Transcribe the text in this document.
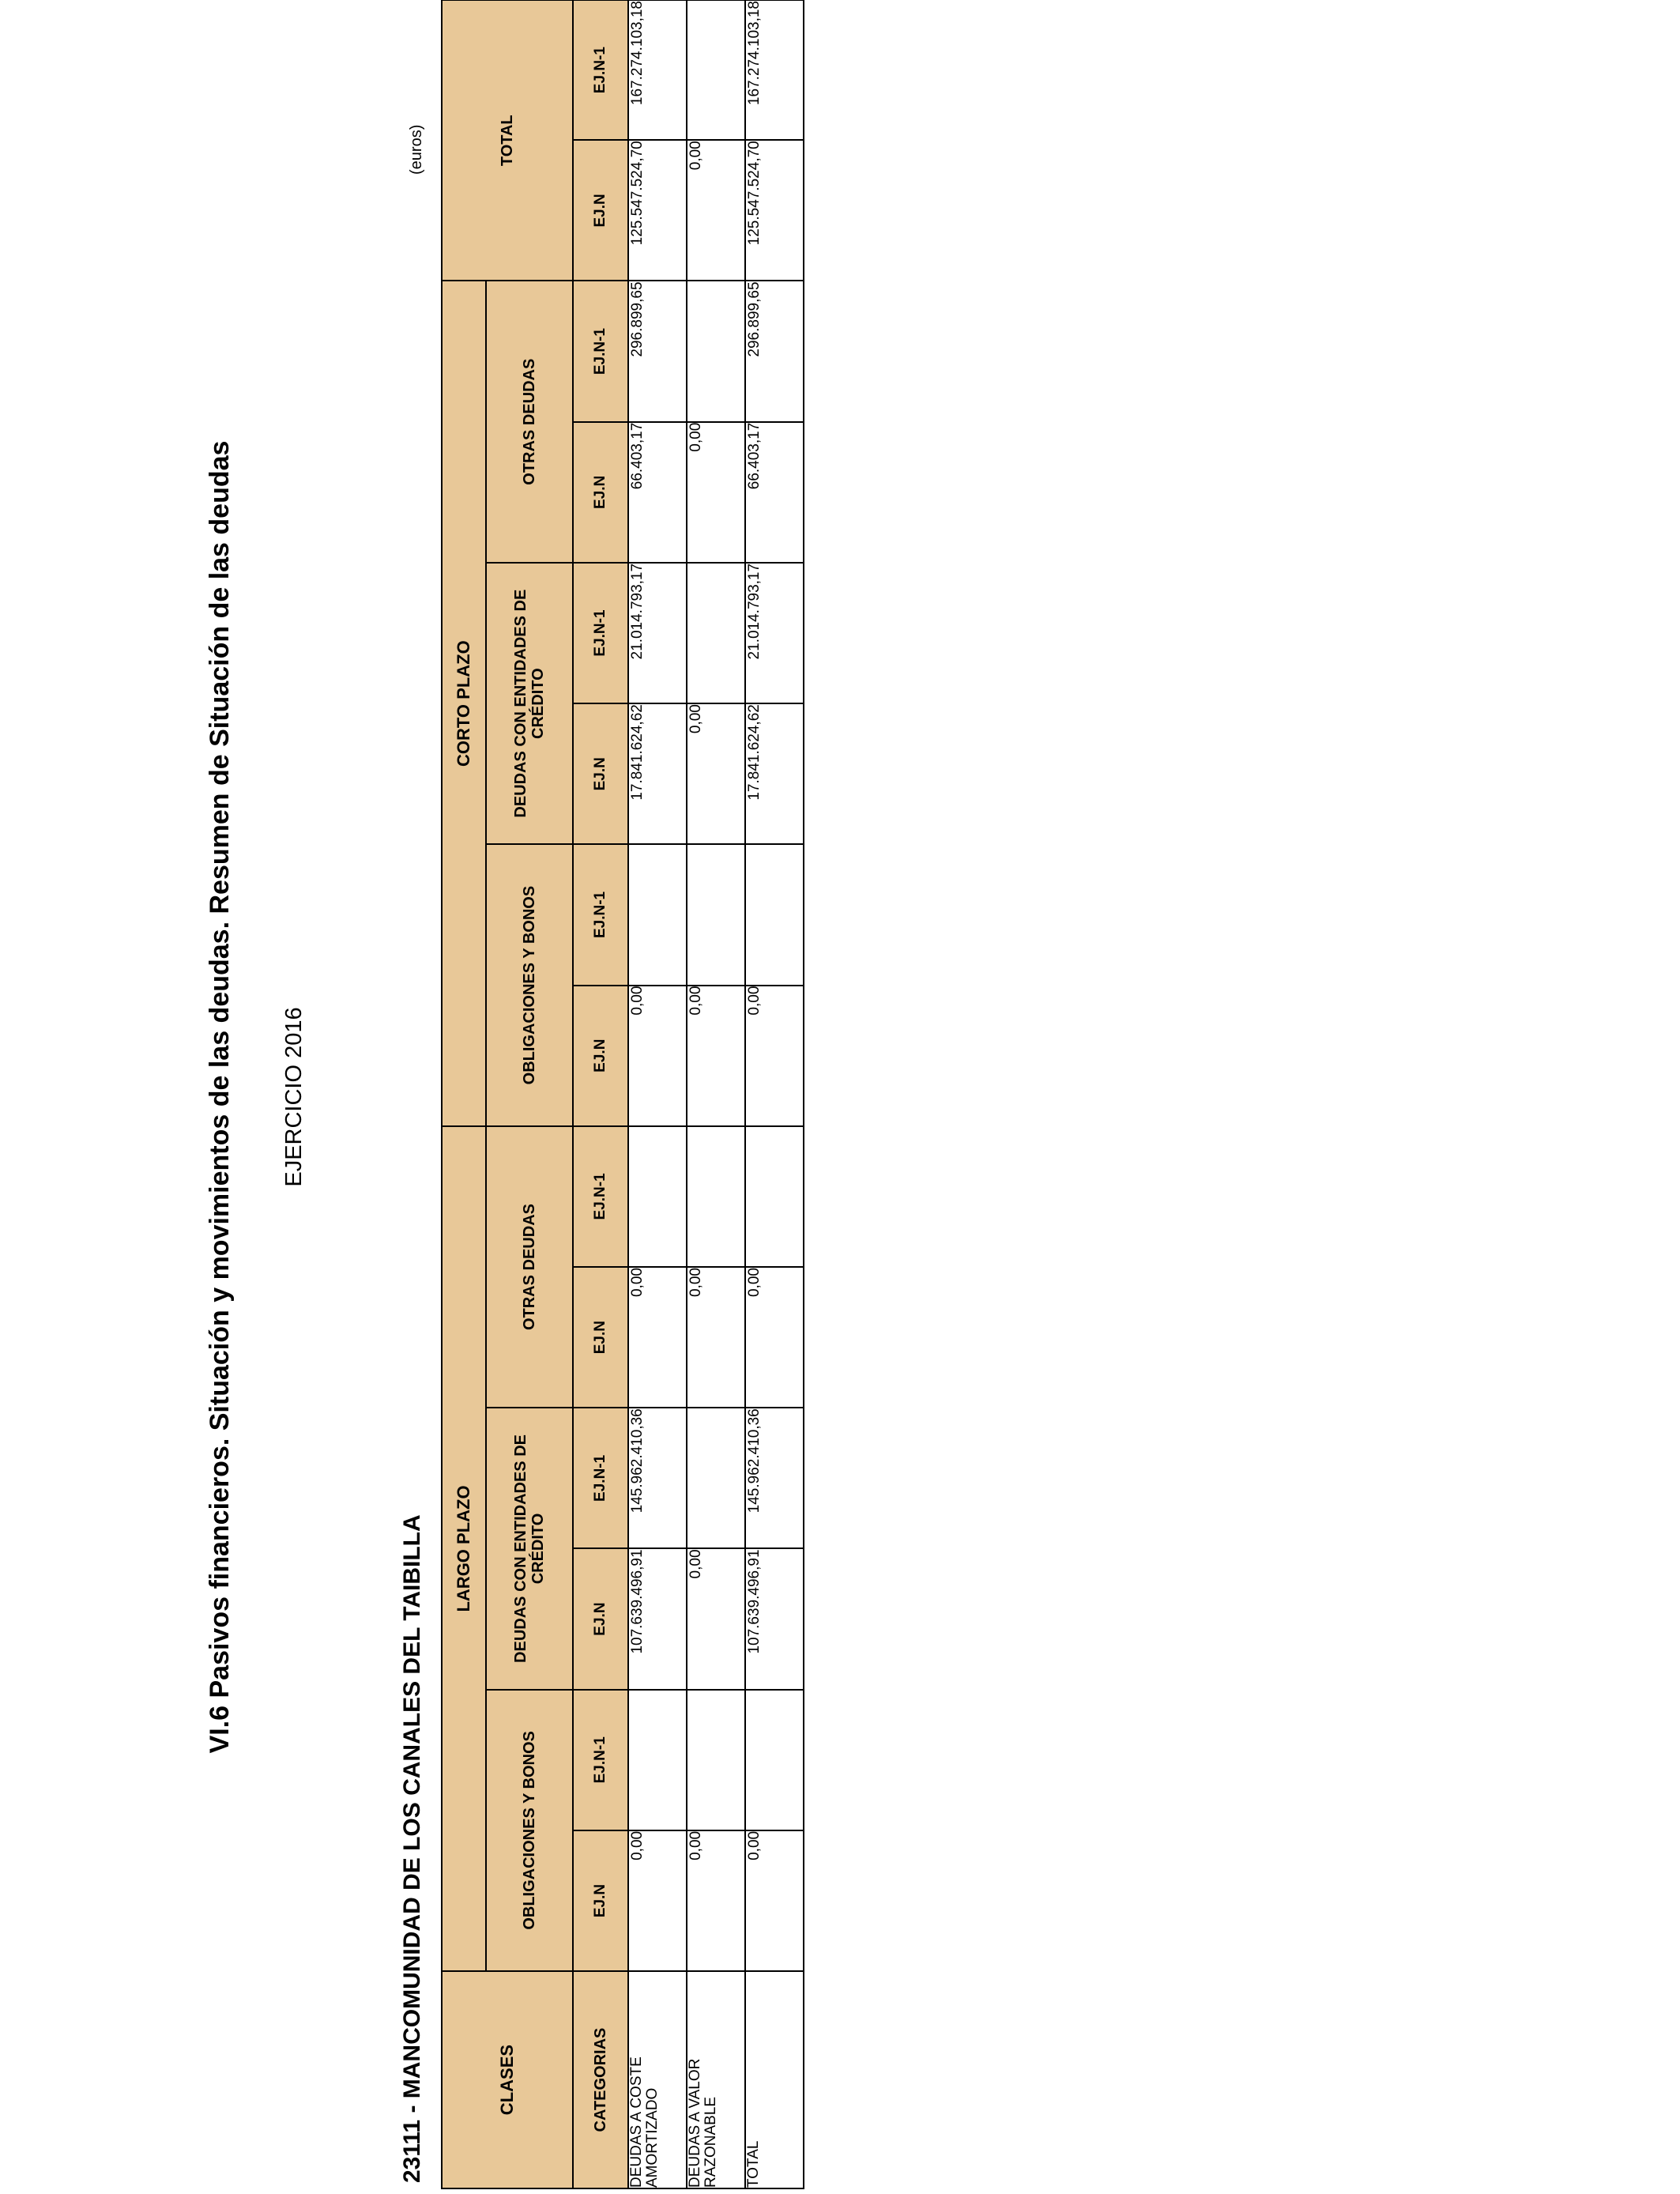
VI.6 Pasivos financieros. Situación y movimientos de las deudas. Resumen de Situación de las deudas EJERCICIO 2016
23111 - MANCOMUNIDAD DE LOS CANALES DEL TAIBILLA
(euros)
CLASES	LARGO PLAZO						CORTO PLAZO						TOTAL	
	OBLIGACIONES Y BONOS		DEUDAS CON ENTIDADES DE CRÉDITO		OTRAS DEUDAS		OBLIGACIONES Y BONOS		DEUDAS CON ENTIDADES DE CRÉDITO		OTRAS DEUDAS			
CATEGORIAS	EJ.N	EJ.N-1	EJ.N	EJ.N-1	EJ.N	EJ.N-1	EJ.N	EJ.N-1	EJ.N	EJ.N-1	EJ.N	EJ.N-1	EJ.N	EJ.N-1
DEUDAS A COSTE AMORTIZADO	0,00		107.639.496,91	145.962.410,36	0,00		0,00		17.841.624,62	21.014.793,17	66.403,17	296.899,65	125.547.524,70	167.274.103,18
DEUDAS A VALOR RAZONABLE	0,00		0,00		0,00		0,00		0,00		0,00		0,00	
TOTAL	0,00		107.639.496,91	145.962.410,36	0,00		0,00		17.841.624,62	21.014.793,17	66.403,17	296.899,65	125.547.524,70	167.274.103,18
